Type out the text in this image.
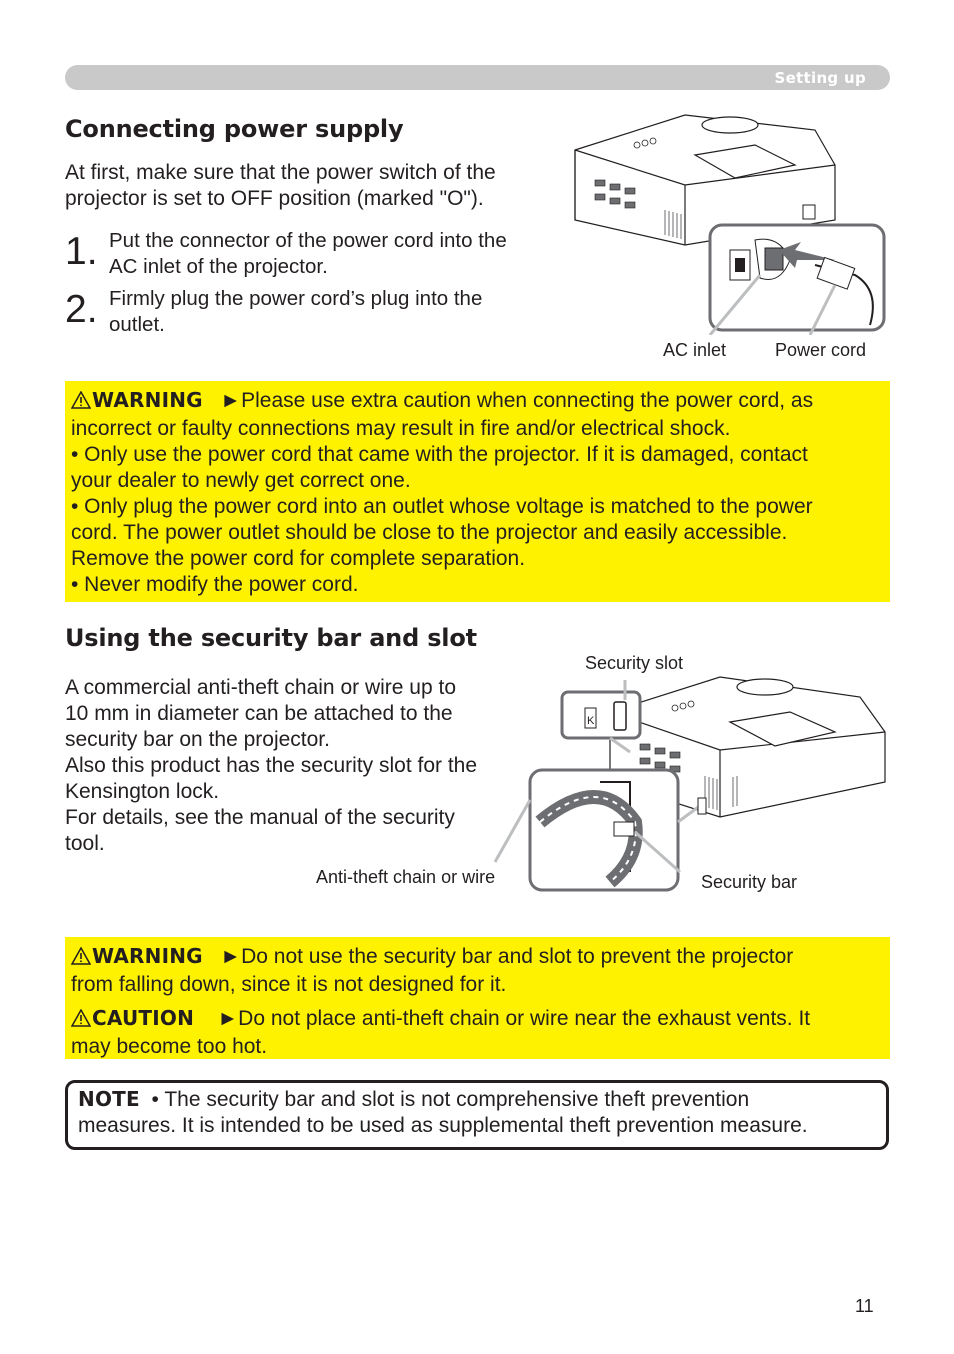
Setting up
Connecting power supply
At first, make sure that the power switch of the
projector is set to OFF position (marked "O").
1. Put the connector of the power cord into the
AC inlet of the projector.
2. Firmly plug the power cord’s plug into the
outlet.
AC inlet	Power cord

WARNING ►Please use extra caution when connecting the power cord, as

incorrect or faulty connections may result in fire and/or electrical shock.

• Only use the power cord that came with the projector. If it is damaged, contact

your dealer to newly get correct one.

• Only plug the power cord into an outlet whose voltage is matched to the power

cord. The power outlet should be close to the projector and easily accessible.

Remove the power cord for complete separation.

• Never modify the power cord.

Using the security bar and slot
A commercial anti-theft chain or wire up to
10 mm in diameter can be attached to the
security bar on the projector.
Also this product has the security slot for the
Kensington lock.
For details, see the manual of the security
tool.
K
Security slot
Anti-theft chain or wire	Security bar

WARNING ►Do not use the security bar and slot to prevent the projector

from falling down, since it is not designed for it.

CAUTION ►Do not place anti-theft chain or wire near the exhaust vents. It

may become too hot.

NOTE • The security bar and slot is not comprehensive theft prevention

measures. It is intended to be used as supplemental theft prevention measure.

11
